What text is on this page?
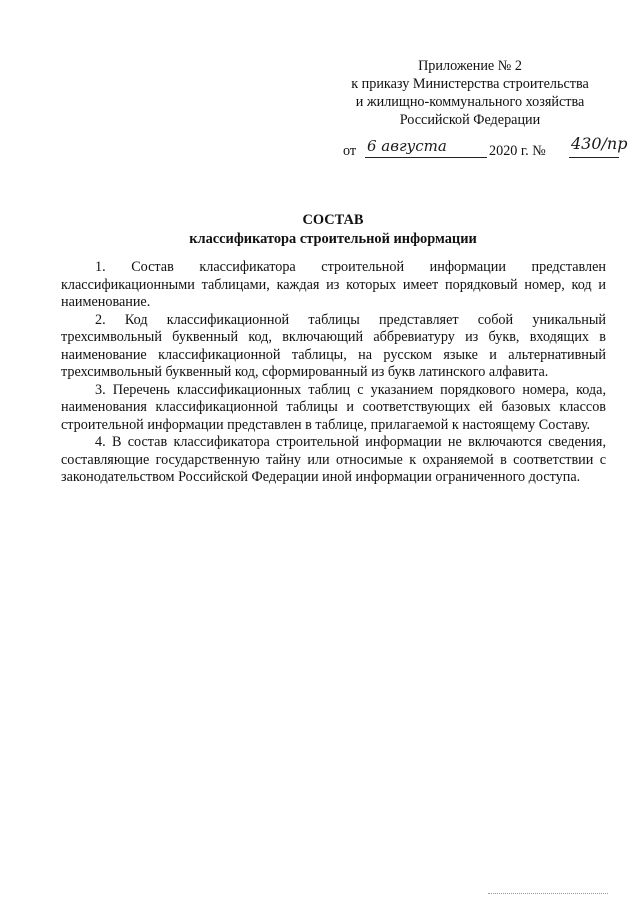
Приложение № 2
к приказу Министерства строительства
и жилищно-коммунального хозяйства
Российской Федерации
от 6 августа	2020 г. № 430/пр
СОСТАВ
классификатора строительной информации

1. Состав классификатора строительной информации представлен классификационными таблицами, каждая из которых имеет порядковый номер, код и наименование.

2. Код классификационной таблицы представляет собой уникальный трехсимвольный буквенный код, включающий аббревиатуру из букв, входящих в наименование классификационной таблицы, на русском языке и альтернативный трехсимвольный буквенный код, сформированный из букв латинского алфавита.

3. Перечень классификационных таблиц с указанием порядкового номера, кода, наименования классификационной таблицы и соответствующих ей базовых классов строительной информации представлен в таблице, прилагаемой к настоящему Составу.

4. В состав классификатора строительной информации не включаются сведения, составляющие государственную тайну или относимые к охраняемой в соответствии с законодательством Российской Федерации иной информации ограниченного доступа.
